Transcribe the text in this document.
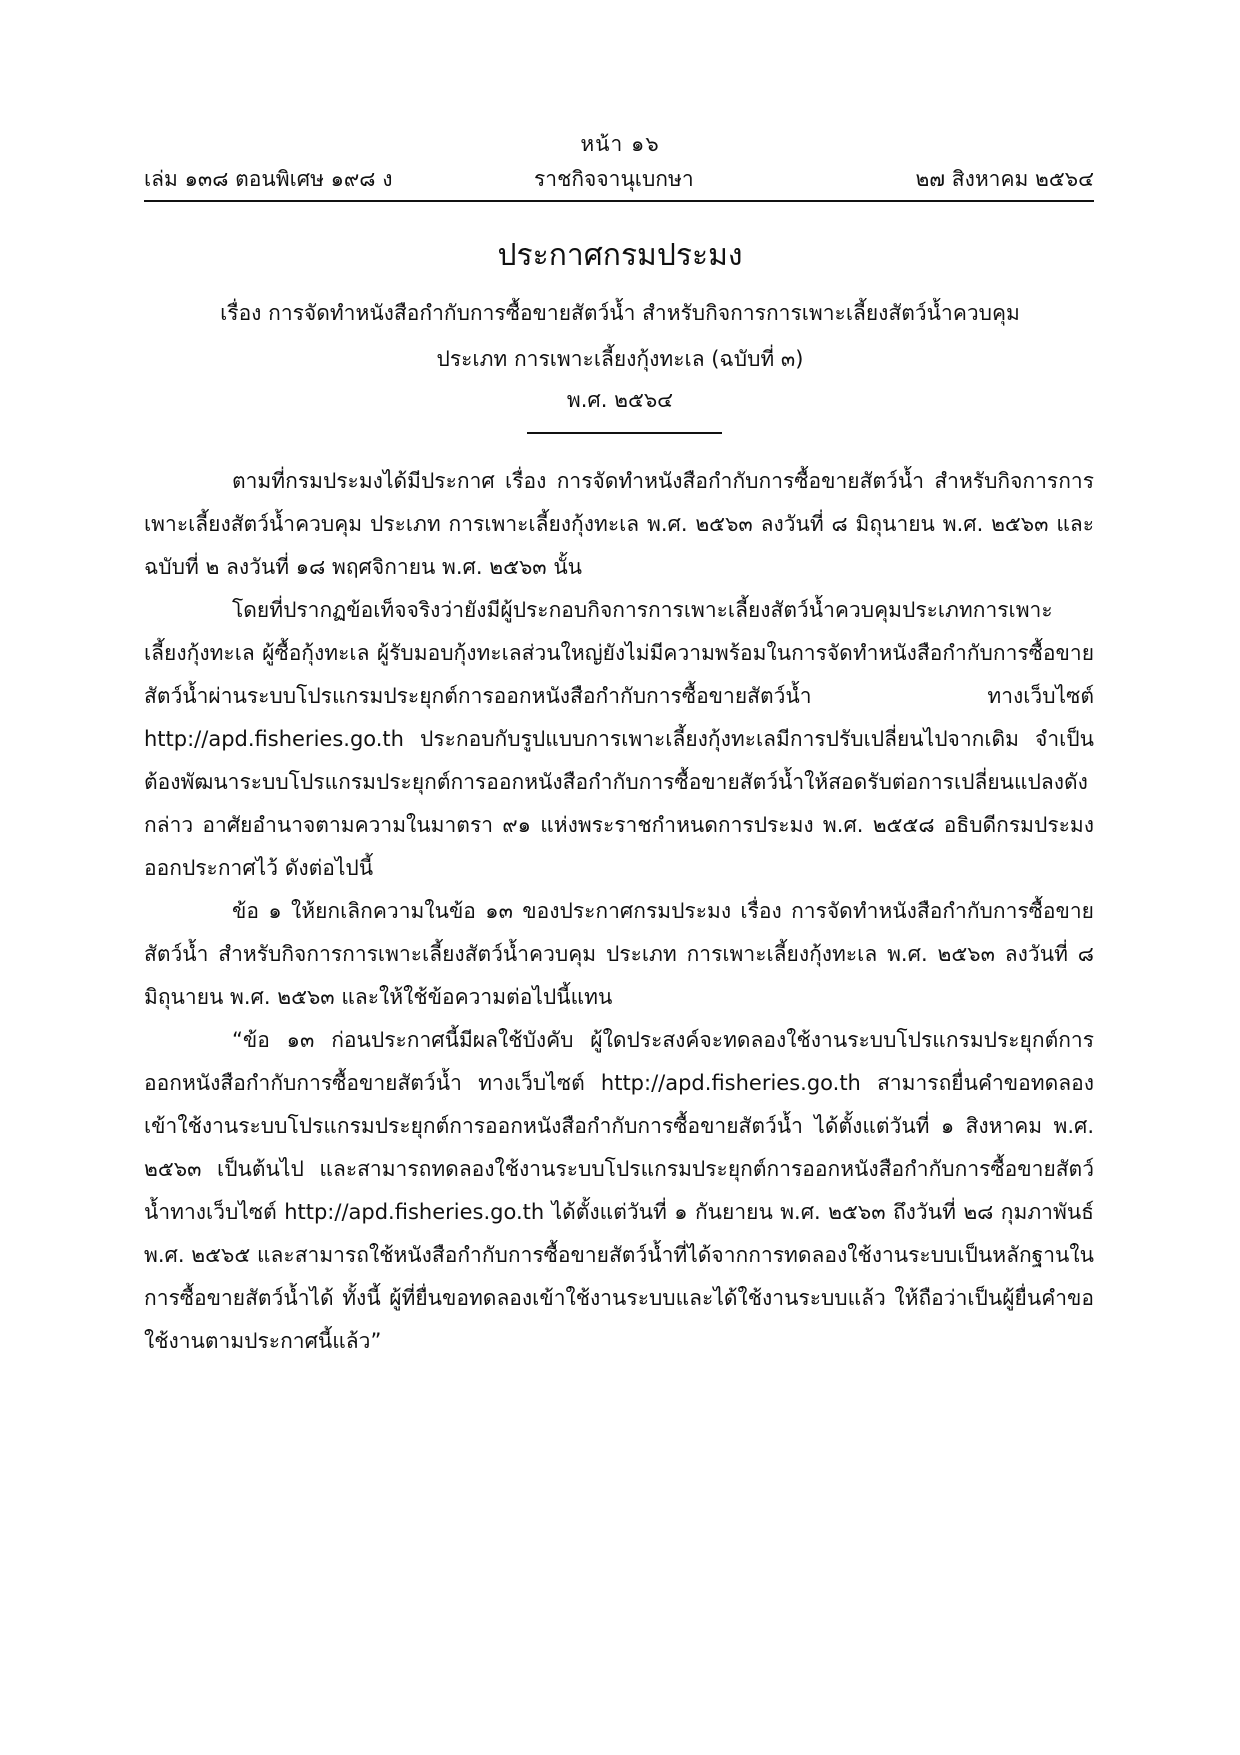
หน้า ๑๖
เล่ม ๑๓๘ ตอนพิเศษ ๑๙๘ ง	ราชกิจจานุเบกษา	๒๗ สิงหาคม ๒๕๖๔
ประกาศกรมประมง
เรื่อง การจัดทำหนังสือกำกับการซื้อขายสัตว์น้ำ สำหรับกิจการการเพาะเลี้ยงสัตว์น้ำควบคุม
ประเภท การเพาะเลี้ยงกุ้งทะเล (ฉบับที่ ๓)
พ.ศ. ๒๕๖๔

ตามที่กรมประมงได้มีประกาศ เรื่อง การจัดทำหนังสือกำกับการซื้อขายสัตว์น้ำ สำหรับกิจการการเพาะเลี้ยงสัตว์น้ำควบคุม ประเภท การเพาะเลี้ยงกุ้งทะเล พ.ศ. ๒๕๖๓ ลงวันที่ ๘ มิถุนายน พ.ศ. ๒๕๖๓ และฉบับที่ ๒ ลงวันที่ ๑๘ พฤศจิกายน พ.ศ. ๒๕๖๓ นั้น

โดยที่ปรากฏข้อเท็จจริงว่ายังมีผู้ประกอบกิจการการเพาะเลี้ยงสัตว์น้ำควบคุมประเภทการเพาะเลี้ยงกุ้งทะเล ผู้ซื้อกุ้งทะเล ผู้รับมอบกุ้งทะเลส่วนใหญ่ยังไม่มีความพร้อมในการจัดทำหนังสือกำกับการซื้อขายสัตว์น้ำผ่านระบบโปรแกรมประยุกต์การออกหนังสือกำกับการซื้อขายสัตว์น้ำ ทางเว็บไซต์ http://apd.fisheries.go.th ประกอบกับรูปแบบการเพาะเลี้ยงกุ้งทะเลมีการปรับเปลี่ยนไปจากเดิม จำเป็นต้องพัฒนาระบบโปรแกรมประยุกต์การออกหนังสือกำกับการซื้อขายสัตว์น้ำให้สอดรับต่อการเปลี่ยนแปลงดังกล่าว อาศัยอำนาจตามความในมาตรา ๙๑ แห่งพระราชกำหนดการประมง พ.ศ. ๒๕๕๘ อธิบดีกรมประมงออกประกาศไว้ ดังต่อไปนี้

ข้อ ๑ ให้ยกเลิกความในข้อ ๑๓ ของประกาศกรมประมง เรื่อง การจัดทำหนังสือกำกับการซื้อขายสัตว์น้ำ สำหรับกิจการการเพาะเลี้ยงสัตว์น้ำควบคุม ประเภท การเพาะเลี้ยงกุ้งทะเล พ.ศ. ๒๕๖๓ ลงวันที่ ๘ มิถุนายน พ.ศ. ๒๕๖๓ และให้ใช้ข้อความต่อไปนี้แทน

“ข้อ ๑๓ ก่อนประกาศนี้มีผลใช้บังคับ ผู้ใดประสงค์จะทดลองใช้งานระบบโปรแกรมประยุกต์การออกหนังสือกำกับการซื้อขายสัตว์น้ำ ทางเว็บไซต์ http://apd.fisheries.go.th สามารถยื่นคำขอทดลองเข้าใช้งานระบบโปรแกรมประยุกต์การออกหนังสือกำกับการซื้อขายสัตว์น้ำ ได้ตั้งแต่วันที่ ๑ สิงหาคม พ.ศ. ๒๕๖๓ เป็นต้นไป และสามารถทดลองใช้งานระบบโปรแกรมประยุกต์การออกหนังสือกำกับการซื้อขายสัตว์น้ำทางเว็บไซต์ http://apd.fisheries.go.th ได้ตั้งแต่วันที่ ๑ กันยายน พ.ศ. ๒๕๖๓ ถึงวันที่ ๒๘ กุมภาพันธ์ พ.ศ. ๒๕๖๕ และสามารถใช้หนังสือกำกับการซื้อขายสัตว์น้ำที่ได้จากการทดลองใช้งานระบบเป็นหลักฐานในการซื้อขายสัตว์น้ำได้ ทั้งนี้ ผู้ที่ยื่นขอทดลองเข้าใช้งานระบบและได้ใช้งานระบบแล้ว ให้ถือว่าเป็นผู้ยื่นคำขอใช้งานตามประกาศนี้แล้ว”
